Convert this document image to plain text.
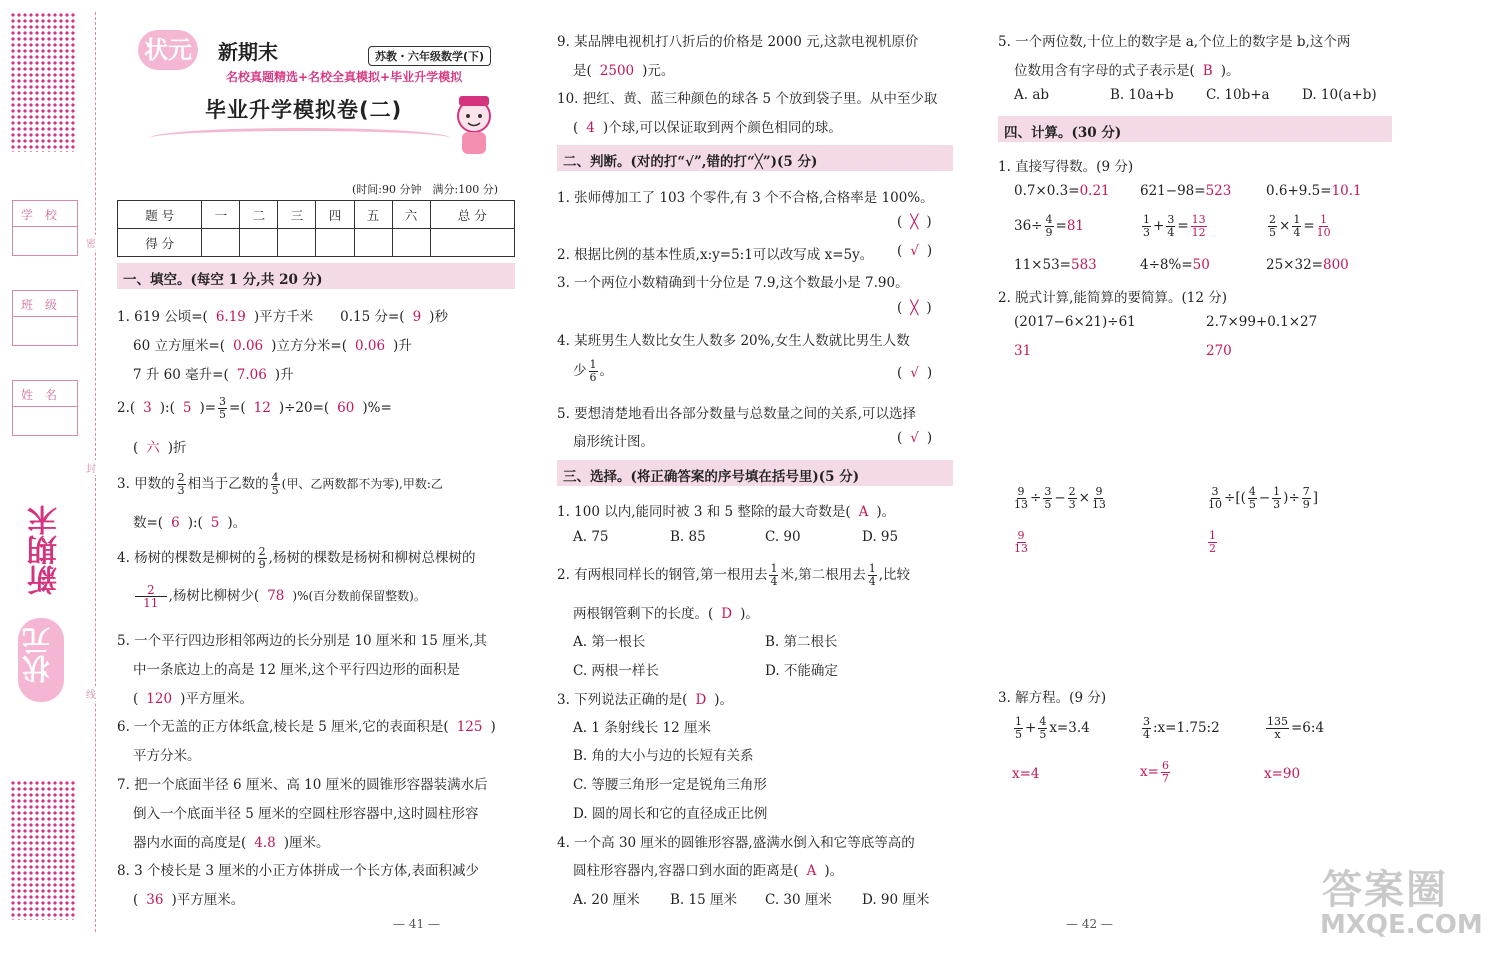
学校
班级
姓名
密
封
线
新期末
状元
状元	新期末	苏教・六年级数学(下)
名校真题精选+名校全真模拟+毕业升学模拟
毕业升学模拟卷(二)
(时间:90 分钟　满分:100 分)
题 号	一	二	三	四	五	六	总 分
得 分							
一、填空。(每空 1 分,共 20 分)
1. 619 公顷=( 6.19 )平方千米　　0.15 分=( 9 )秒
60 立方厘米=( 0.06 )立方分米=( 0.06 )升
7 升 60 毫升=( 7.06 )升
2.( 3 ):( 5 )= $\frac{3}{5}$ =( 12 )÷20=( 60 )%=
( 六 )折
3. 甲数的 $\frac{2}{3}$ 相当于乙数的 $\frac{4}{5}$ (甲、乙两数都不为零),甲数:乙
数=( 6 ):( 5 )。
4. 杨树的棵数是柳树的 $\frac{2}{9}$ ,杨树的棵数是杨树和柳树总棵树的
$\frac{2}{11}$ ,杨树比柳树少( 78 )%(百分数前保留整数)。
5. 一个平行四边形相邻两边的长分别是 10 厘米和 15 厘米,其
中一条底边上的高是 12 厘米,这个平行四边形的面积是
( 120 )平方厘米。
6. 一个无盖的正方体纸盒,棱长是 5 厘米,它的表面积是( 125 )
平方分米。
7. 把一个底面半径 6 厘米、高 10 厘米的圆锥形容器装满水后
倒入一个底面半径 5 厘米的空圆柱形容器中,这时圆柱形容
器内水面的高度是( 4.8 )厘米。
8. 3 个棱长是 3 厘米的小正方体拼成一个长方体,表面积减少
( 36 )平方厘米。
— 41 —
9. 某品牌电视机打八折后的价格是 2000 元,这款电视机原价
是( 2500 )元。
10. 把红、黄、蓝三种颜色的球各 5 个放到袋子里。从中至少取
( 4 )个球,可以保证取到两个颜色相同的球。
二、判断。(对的打“√”,错的打“╳”)(5 分)
1. 张师傅加工了 103 个零件,有 3 个不合格,合格率是 100%。
( ╳ )
2. 根据比例的基本性质,x:y=5:1可以改写成 x=5y。 ( √ )
3. 一个两位小数精确到十分位是 7.9,这个数最小是 7.90。
( ╳ )
4. 某班男生人数比女生人数多 20%,女生人数就比男生人数
少 $\frac{1}{6}$ 。	( √ )
5. 要想清楚地看出各部分数量与总数量之间的关系,可以选择
扇形统计图。	( √ )
三、选择。(将正确答案的序号填在括号里)(5 分)
1. 100 以内,能同时被 3 和 5 整除的最大奇数是( A )。
A. 75	B. 85	C. 90	D. 95
2. 有两根同样长的钢管,第一根用去 $\frac{1}{4}$ 米,第二根用去 $\frac{1}{4}$ ,比较
两根钢管剩下的长度。( D )。
A. 第一根长	B. 第二根长
C. 两根一样长	D. 不能确定
3. 下列说法正确的是( D )。
A. 1 条射线长 12 厘米
B. 角的大小与边的长短有关系
C. 等腰三角形一定是锐角三角形
D. 圆的周长和它的直径成正比例
4. 一个高 30 厘米的圆锥形容器,盛满水倒入和它等底等高的
圆柱形容器内,容器口到水面的距离是( A )。
A. 20 厘米 B. 15 厘米 C. 30 厘米 D. 90 厘米
5. 一个两位数,十位上的数字是 a,个位上的数字是 b,这个两
位数用含有字母的式子表示是( B )。
A. ab	B. 10a+b C. 10b+a D. 10(a+b)
四、计算。(30 分)
1. 直接写得数。(9 分)
0.7×0.3=0.21 621−98=523	0.6+9.5=10.1
$36\div \frac{4}{9} =81$	$\frac{1}{3} + \frac{3}{4} = \frac{13}{12}$	$\frac{2}{5} \times \frac{1}{4} = \frac{1}{10}$
11×53=583	4÷8%=50	25×32=800
2. 脱式计算,能简算的要简算。(12 分)
(2017−6×21)÷61
31
2.7×99+0.1×27
270
$\frac{9}{13} \div \frac{3}{5} - \frac{2}{3} \times \frac{9}{13}$
$\frac{9}{13}$
$\frac{3}{10}$ ÷[( $\frac{4}{5} - \frac{1}{3}$ )÷ $\frac{7}{9}$ ]
$\frac{1}{2}$
3. 解方程。(9 分)
$\frac{1}{5} + \frac{4}{5} x=3.4$	$\frac{3}{4}$ :x=1.75:2	$\frac{135}{x}$ =6:4
x=4	$x= \frac{6}{7}$	x=90
— 42 —
答案圈
MXQE.COM
